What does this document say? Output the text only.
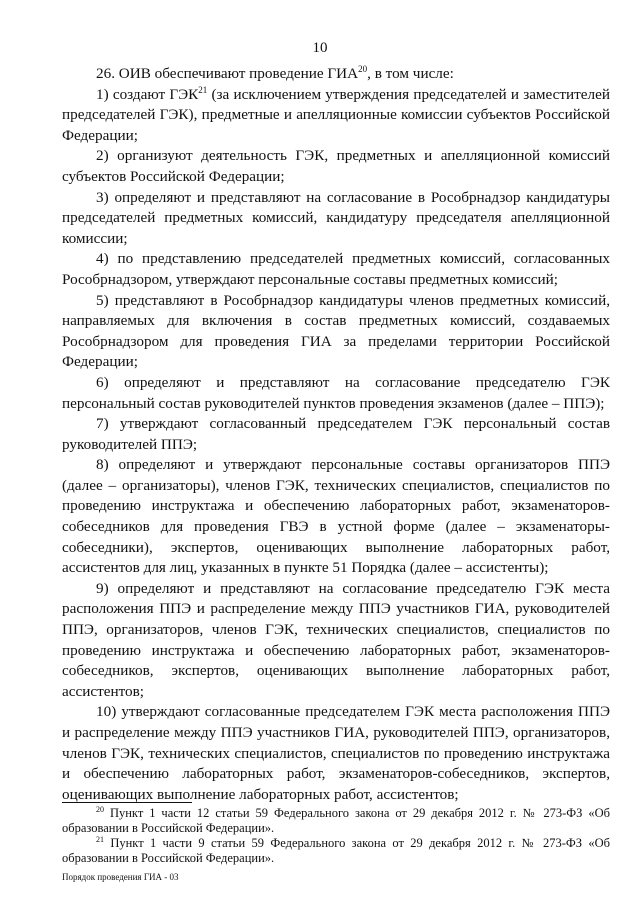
10

26. ОИВ обеспечивают проведение ГИА$^{20}$, в том числе:

1) создают ГЭК$^{21}$ (за исключением утверждения председателей и заместителей председателей ГЭК), предметные и апелляционные комиссии субъектов Российской Федерации;

2) организуют деятельность ГЭК, предметных и апелляционной комиссий субъектов Российской Федерации;

3) определяют и представляют на согласование в Рособрнадзор кандидатуры председателей предметных комиссий, кандидатуру председателя апелляционной комиссии;

4) по представлению председателей предметных комиссий, согласованных Рособрнадзором, утверждают персональные составы предметных комиссий;

5) представляют в Рособрнадзор кандидатуры членов предметных комиссий, направляемых для включения в состав предметных комиссий, создаваемых Рособрнадзором для проведения ГИА за пределами территории Российской Федерации;

6) определяют и представляют на согласование председателю ГЭК персональный состав руководителей пунктов проведения экзаменов (далее – ППЭ);

7) утверждают согласованный председателем ГЭК персональный состав руководителей ППЭ;

8) определяют и утверждают персональные составы организаторов ППЭ (далее – организаторы), членов ГЭК, технических специалистов, специалистов по проведению инструктажа и обеспечению лабораторных работ, экзаменаторов-собеседников для проведения ГВЭ в устной форме (далее – экзаменаторы-собеседники), экспертов, оценивающих выполнение лабораторных работ, ассистентов для лиц, указанных в пункте 51 Порядка (далее – ассистенты);

9) определяют и представляют на согласование председателю ГЭК места расположения ППЭ и распределение между ППЭ участников ГИА, руководителей ППЭ, организаторов, членов ГЭК, технических специалистов, специалистов по проведению инструктажа и обеспечению лабораторных работ, экзаменаторов-собеседников, экспертов, оценивающих выполнение лабораторных работ, ассистентов;

10) утверждают согласованные председателем ГЭК места расположения ППЭ и распределение между ППЭ участников ГИА, руководителей ППЭ, организаторов, членов ГЭК, технических специалистов, специалистов по проведению инструктажа и обеспечению лабораторных работ, экзаменаторов-собеседников, экспертов, оценивающих выполнение лабораторных работ, ассистентов;

$^{20}$ Пункт 1 части 12 статьи 59 Федерального закона от 29 декабря 2012 г. № 273-ФЗ «Об образовании в Российской Федерации».

$^{21}$ Пункт 1 части 9 статьи 59 Федерального закона от 29 декабря 2012 г. № 273-ФЗ «Об образовании в Российской Федерации».

Порядок проведения ГИА - 03
